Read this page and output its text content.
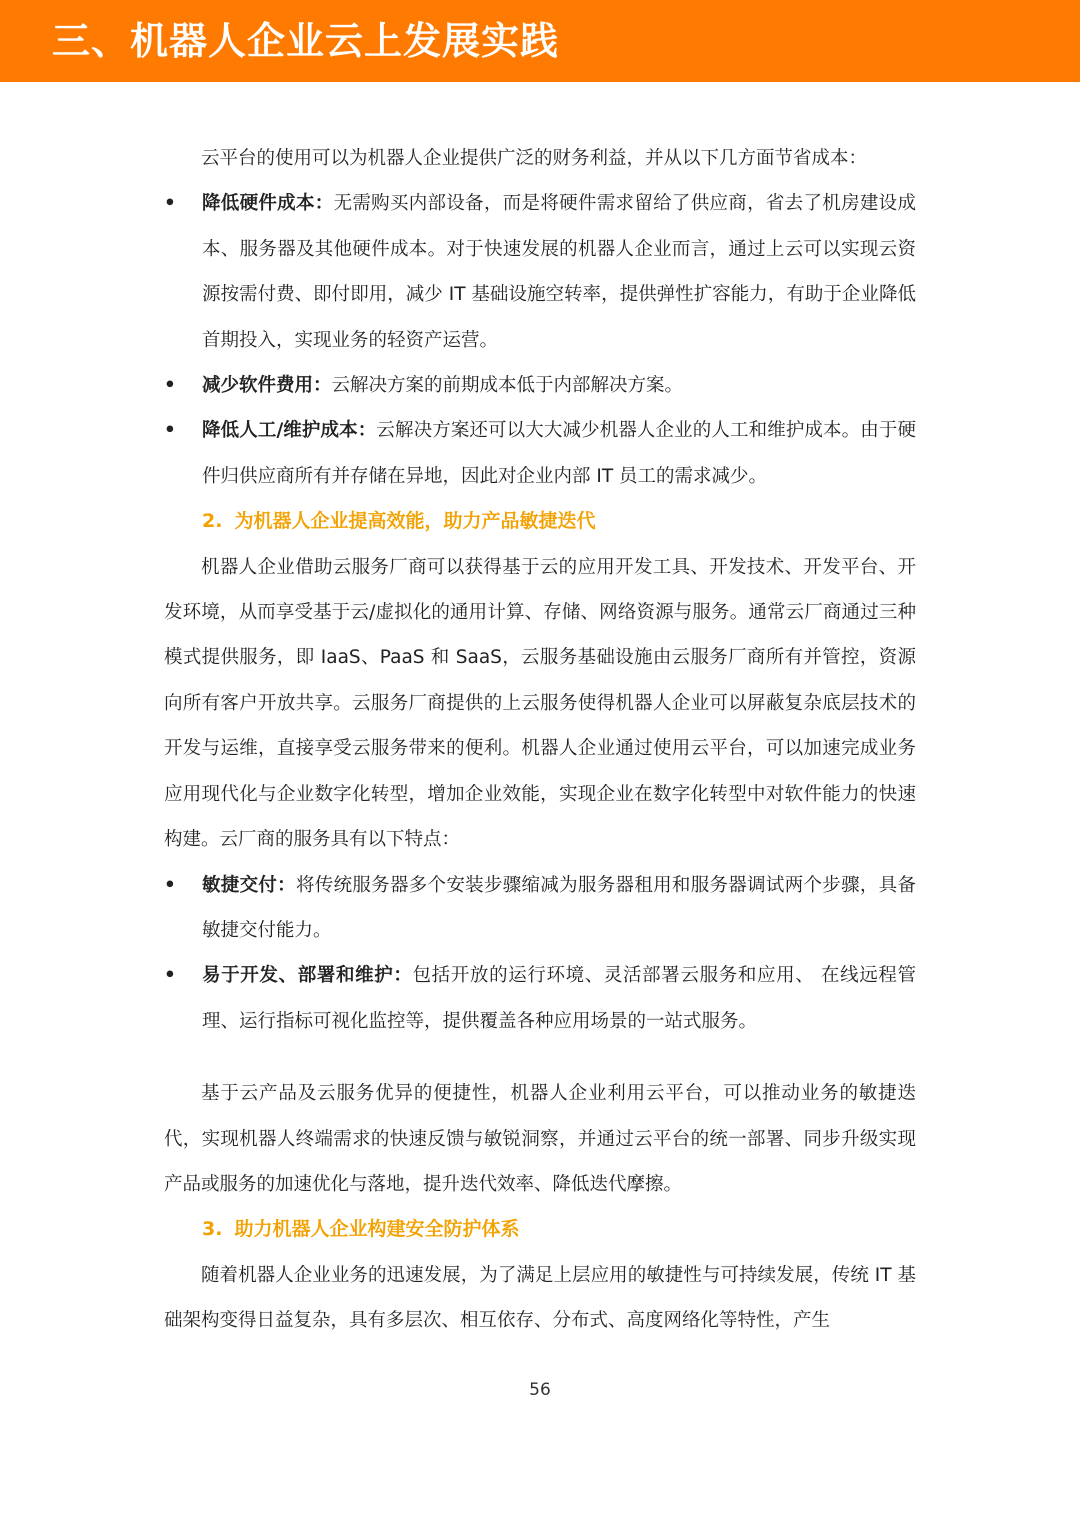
三、机器人企业云上发展实践

云平台的使用可以为机器人企业提供广泛的财务利益，并从以下几方面节省成本：

•	降低硬件成本：无需购买内部设备，而是将硬件需求留给了供应商，省去了机房建设成本、服务器及其他硬件成本。对于快速发展的机器人企业而言，通过上云可以实现云资源按需付费、即付即用，减少 IT 基础设施空转率，提供弹性扩容能力，有助于企业降低首期投入，实现业务的轻资产运营。
•	减少软件费用：云解决方案的前期成本低于内部解决方案。
•	降低人工/维护成本：云解决方案还可以大大减少机器人企业的人工和维护成本。由于硬件归供应商所有并存储在异地，因此对企业内部 IT 员工的需求减少。
2. 为机器人企业提高效能，助力产品敏捷迭代

机器人企业借助云服务厂商可以获得基于云的应用开发工具、开发技术、开发平台、开发环境，从而享受基于云/虚拟化的通用计算、存储、网络资源与服务。通常云厂商通过三种模式提供服务，即 IaaS、PaaS 和 SaaS，云服务基础设施由云服务厂商所有并管控，资源向所有客户开放共享。云服务厂商提供的上云服务使得机器人企业可以屏蔽复杂底层技术的开发与运维，直接享受云服务带来的便利。机器人企业通过使用云平台，可以加速完成业务应用现代化与企业数字化转型，增加企业效能，实现企业在数字化转型中对软件能力的快速构建。云厂商的服务具有以下特点：

•	敏捷交付：将传统服务器多个安装步骤缩减为服务器租用和服务器调试两个步骤，具备敏捷交付能力。
•	易于开发、部署和维护：包括开放的运行环境、灵活部署云服务和应用、 在线远程管理、运行指标可视化监控等，提供覆盖各种应用场景的一站式服务。

基于云产品及云服务优异的便捷性，机器人企业利用云平台，可以推动业务的敏捷迭代，实现机器人终端需求的快速反馈与敏锐洞察，并通过云平台的统一部署、同步升级实现产品或服务的加速优化与落地，提升迭代效率、降低迭代摩擦。

3. 助力机器人企业构建安全防护体系

随着机器人企业业务的迅速发展，为了满足上层应用的敏捷性与可持续发展，传统 IT 基础架构变得日益复杂，具有多层次、相互依存、分布式、高度网络化等特性，产生

56
